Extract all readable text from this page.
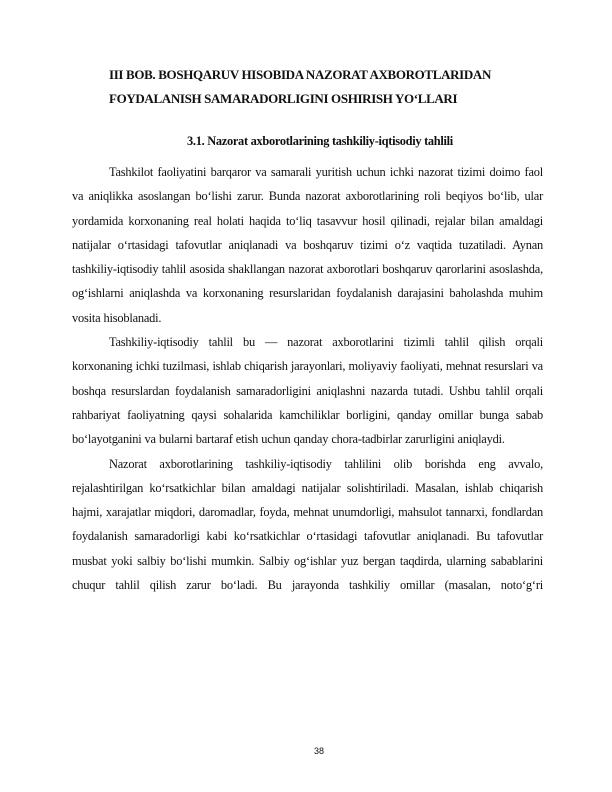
III BOB. BOSHQARUV HISOBIDA NAZORAT AXBOROTLARIDAN
FOYDALANISH SAMARADORLIGINI OSHIRISH YO‘LLARI
3.1. Nazorat axborotlarining tashkiliy-iqtisodiy tahlili

Tashkilot faoliyatini barqaror va samarali yuritish uchun ichki nazorat tizimi doimo faol va aniqlikka asoslangan bo‘lishi zarur. Bunda nazorat axborotlarining roli beqiyos bo‘lib, ular yordamida korxonaning real holati haqida to‘liq tasavvur hosil qilinadi, rejalar bilan amaldagi natijalar o‘rtasidagi tafovutlar aniqlanadi va boshqaruv tizimi o‘z vaqtida tuzatiladi. Aynan tashkiliy-iqtisodiy tahlil asosida shakllangan nazorat axborotlari boshqaruv qarorlarini asoslashda, og‘ishlarni aniqlashda va korxonaning resurslaridan foydalanish darajasini baholashda muhim vosita hisoblanadi.

Tashkiliy-iqtisodiy tahlil bu — nazorat axborotlarini tizimli tahlil qilish orqali korxonaning ichki tuzilmasi, ishlab chiqarish jarayonlari, moliyaviy faoliyati, mehnat resurslari va boshqa resurslardan foydalanish samaradorligini aniqlashni nazarda tutadi. Ushbu tahlil orqali rahbariyat faoliyatning qaysi sohalarida kamchiliklar borligini, qanday omillar bunga sabab bo‘layotganini va bularni bartaraf etish uchun qanday chora-tadbirlar zarurligini aniqlaydi.

Nazorat axborotlarining tashkiliy-iqtisodiy tahlilini olib borishda eng avvalo, rejalashtirilgan ko‘rsatkichlar bilan amaldagi natijalar solishtiriladi. Masalan, ishlab chiqarish hajmi, xarajatlar miqdori, daromadlar, foyda, mehnat unumdorligi, mahsulot tannarxi, fondlardan foydalanish samaradorligi kabi ko‘rsatkichlar o‘rtasidagi tafovutlar aniqlanadi. Bu tafovutlar musbat yoki salbiy bo‘lishi mumkin. Salbiy og‘ishlar yuz bergan taqdirda, ularning sabablarini chuqur tahlil qilish zarur bo‘ladi. Bu jarayonda tashkiliy omillar (masalan, noto‘g‘ri

38
